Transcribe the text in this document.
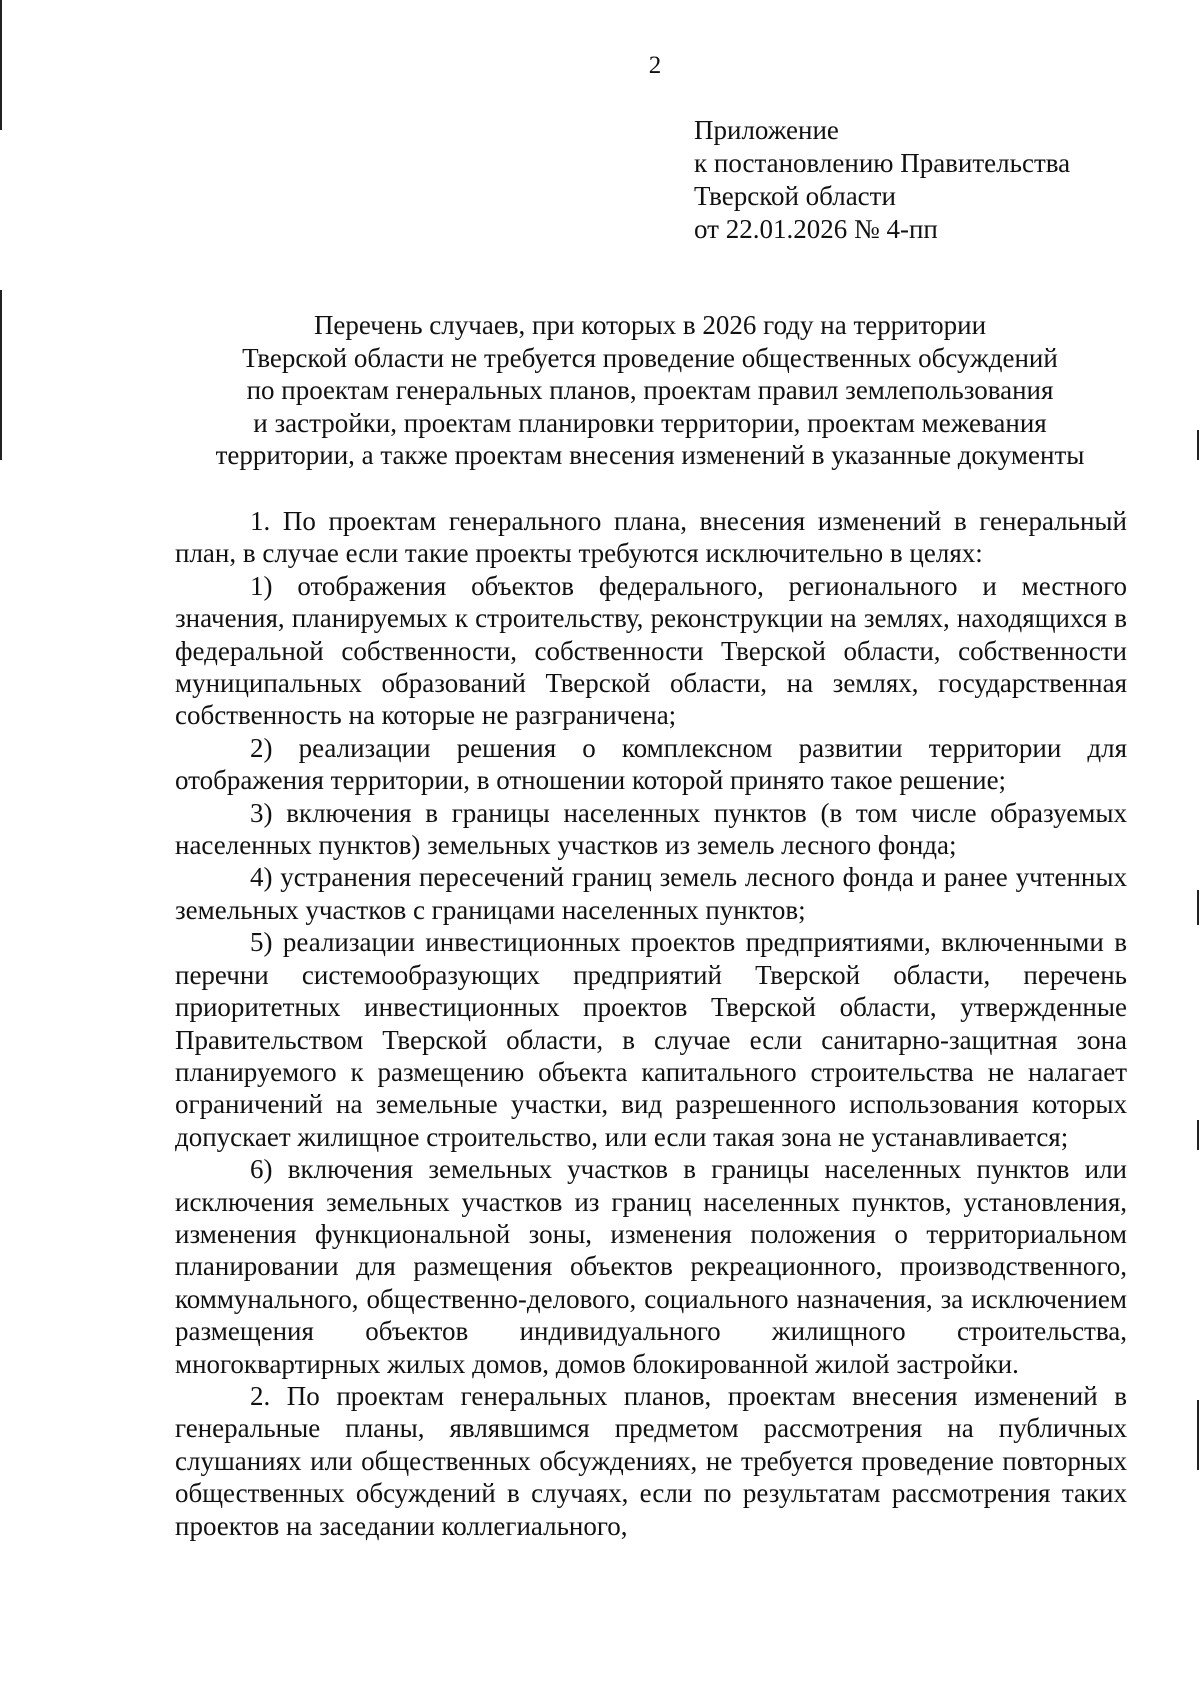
2
Приложение
к постановлению Правительства
Тверской области
от 22.01.2026 № 4-пп
Перечень случаев, при которых в 2026 году на территории
Тверской области не требуется проведение общественных обсуждений
по проектам генеральных планов, проектам правил землепользования
и застройки, проектам планировки территории, проектам межевания
территории, а также проектам внесения изменений в указанные документы

1. По проектам генерального плана, внесения изменений в генеральный план, в случае если такие проекты требуются исключительно в целях:

1) отображения объектов федерального, регионального и местного значения, планируемых к строительству, реконструкции на землях, находящихся в федеральной собственности, собственности Тверской области, собственности муниципальных образований Тверской области, на землях, государственная собственность на которые не разграничена;

2) реализации решения о комплексном развитии территории для отображения территории, в отношении которой принято такое решение;

3) включения в границы населенных пунктов (в том числе образуемых населенных пунктов) земельных участков из земель лесного фонда;

4) устранения пересечений границ земель лесного фонда и ранее учтенных земельных участков с границами населенных пунктов;

5) реализации инвестиционных проектов предприятиями, включенными в перечни системообразующих предприятий Тверской области, перечень приоритетных инвестиционных проектов Тверской области, утвержденные Правительством Тверской области, в случае если санитарно-защитная зона планируемого к размещению объекта капитального строительства не налагает ограничений на земельные участки, вид разрешенного использования которых допускает жилищное строительство, или если такая зона не устанавливается;

6) включения земельных участков в границы населенных пунктов или исключения земельных участков из границ населенных пунктов, установления, изменения функциональной зоны, изменения положения о территориальном планировании для размещения объектов рекреационного, производственного, коммунального, общественно-делового, социального назначения, за исключением размещения объектов индивидуального жилищного строительства, многоквартирных жилых домов, домов блокированной жилой застройки.

2. По проектам генеральных планов, проектам внесения изменений в генеральные планы, являвшимся предметом рассмотрения на публичных слушаниях или общественных обсуждениях, не требуется проведение повторных общественных обсуждений в случаях, если по результатам рассмотрения таких проектов на заседании коллегиального,
